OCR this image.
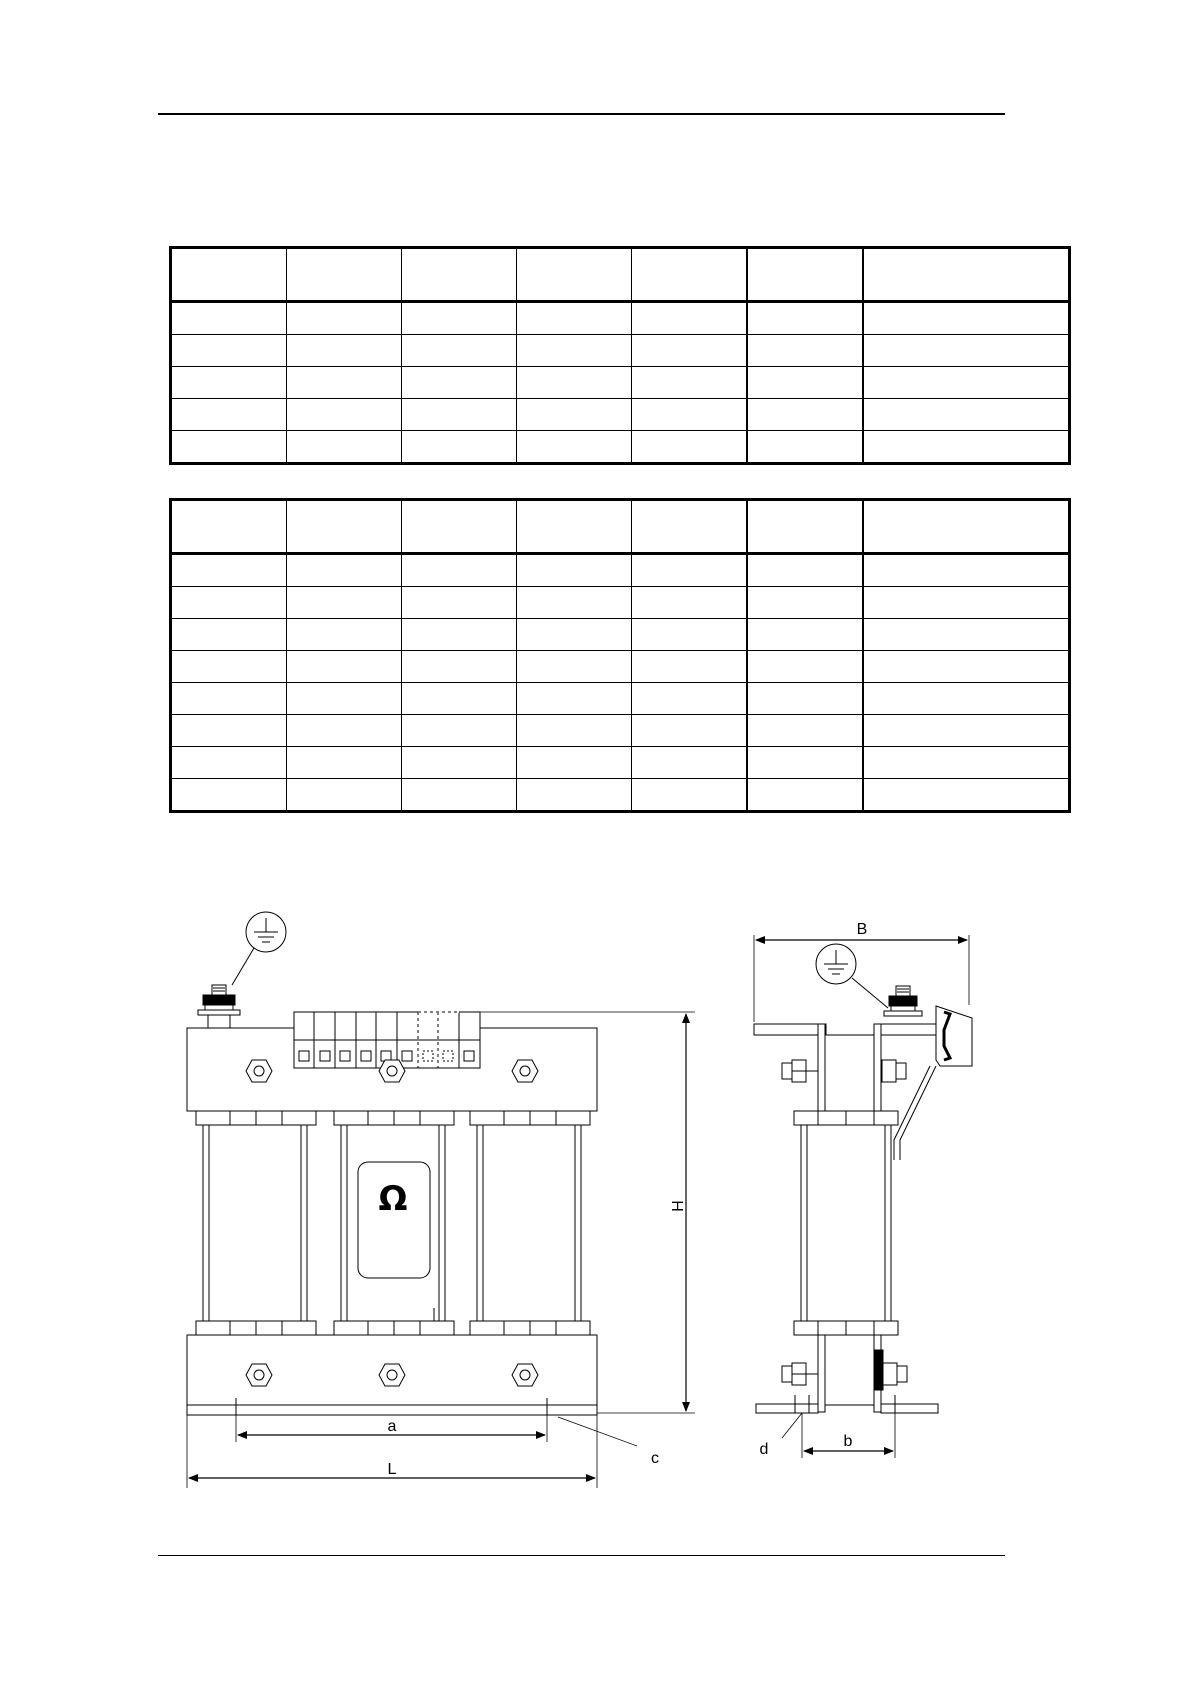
a
L
H
c
Ω
B
b
d
